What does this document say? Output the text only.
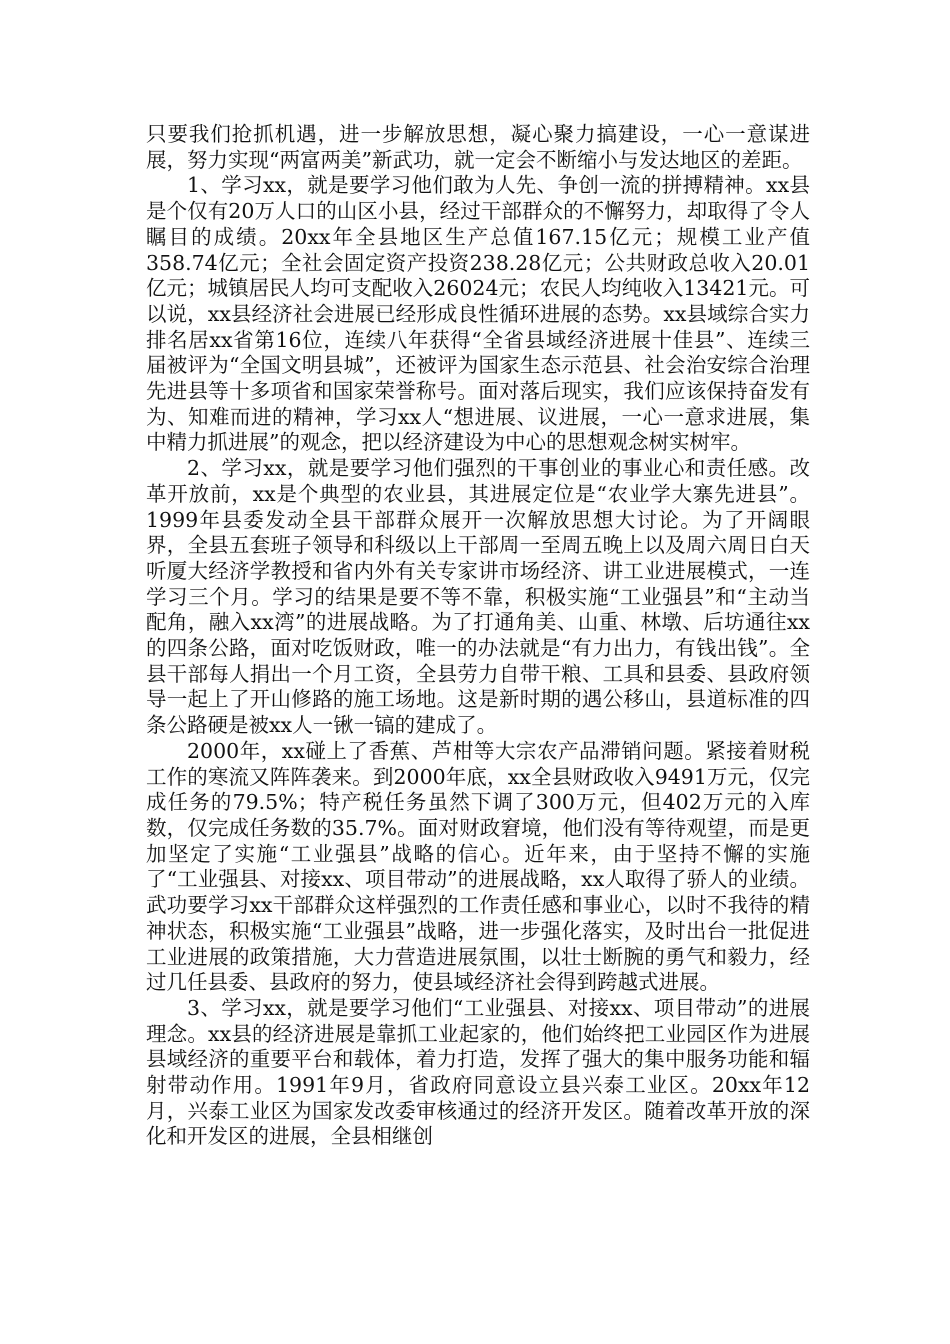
只要我们抢抓机遇，进一步解放思想，凝心聚力搞建设，一心一意谋进展，努力实现“两富两美”新武功，就一定会不断缩小与发达地区的差距。

1、学习xx，就是要学习他们敢为人先、争创一流的拼搏精神。xx县是个仅有20万人口的山区小县，经过干部群众的不懈努力，却取得了令人瞩目的成绩。20xx年全县地区生产总值167.15亿元；规模工业产值358.74亿元；全社会固定资产投资238.28亿元；公共财政总收入20.01亿元；城镇居民人均可支配收入26024元；农民人均纯收入13421元。可以说，xx县经济社会进展已经形成良性循环进展的态势。xx县域综合实力排名居xx省第16位，连续八年获得“全省县域经济进展十佳县”、连续三届被评为“全国文明县城”，还被评为国家生态示范县、社会治安综合治理先进县等十多项省和国家荣誉称号。面对落后现实，我们应该保持奋发有为、知难而进的精神，学习xx人“想进展、议进展，一心一意求进展，集中精力抓进展”的观念，把以经济建设为中心的思想观念树实树牢。

2、学习xx，就是要学习他们强烈的干事创业的事业心和责任感。改革开放前，xx是个典型的农业县，其进展定位是“农业学大寨先进县”。1999年县委发动全县干部群众展开一次解放思想大讨论。为了开阔眼界，全县五套班子领导和科级以上干部周一至周五晚上以及周六周日白天听厦大经济学教授和省内外有关专家讲市场经济、讲工业进展模式，一连学习三个月。学习的结果是要不等不靠，积极实施“工业强县”和“主动当配角，融入xx湾”的进展战略。为了打通角美、山重、林墩、后坊通往xx的四条公路，面对吃饭财政，唯一的办法就是“有力出力，有钱出钱”。全县干部每人捐出一个月工资，全县劳力自带干粮、工具和县委、县政府领导一起上了开山修路的施工场地。这是新时期的遇公移山，县道标准的四条公路硬是被xx人一锹一镐的建成了。

2000年，xx碰上了香蕉、芦柑等大宗农产品滞销问题。紧接着财税工作的寒流又阵阵袭来。到2000年底，xx全县财政收入9491万元，仅完成任务的79.5%；特产税任务虽然下调了300万元，但402万元的入库数，仅完成任务数的35.7%。面对财政窘境，他们没有等待观望，而是更加坚定了实施“工业强县”战略的信心。近年来，由于坚持不懈的实施了“工业强县、对接xx、项目带动”的进展战略，xx人取得了骄人的业绩。武功要学习xx干部群众这样强烈的工作责任感和事业心，以时不我待的精神状态，积极实施“工业强县”战略，进一步强化落实，及时出台一批促进工业进展的政策措施，大力营造进展氛围，以壮士断腕的勇气和毅力，经过几任县委、县政府的努力，使县域经济社会得到跨越式进展。

3、学习xx，就是要学习他们“工业强县、对接xx、项目带动”的进展理念。xx县的经济进展是靠抓工业起家的，他们始终把工业园区作为进展县域经济的重要平台和载体，着力打造，发挥了强大的集中服务功能和辐射带动作用。1991年9月，省政府同意设立县兴泰工业区。20xx年12月，兴泰工业区为国家发改委审核通过的经济开发区。随着改革开放的深化和开发区的进展，全县相继创
